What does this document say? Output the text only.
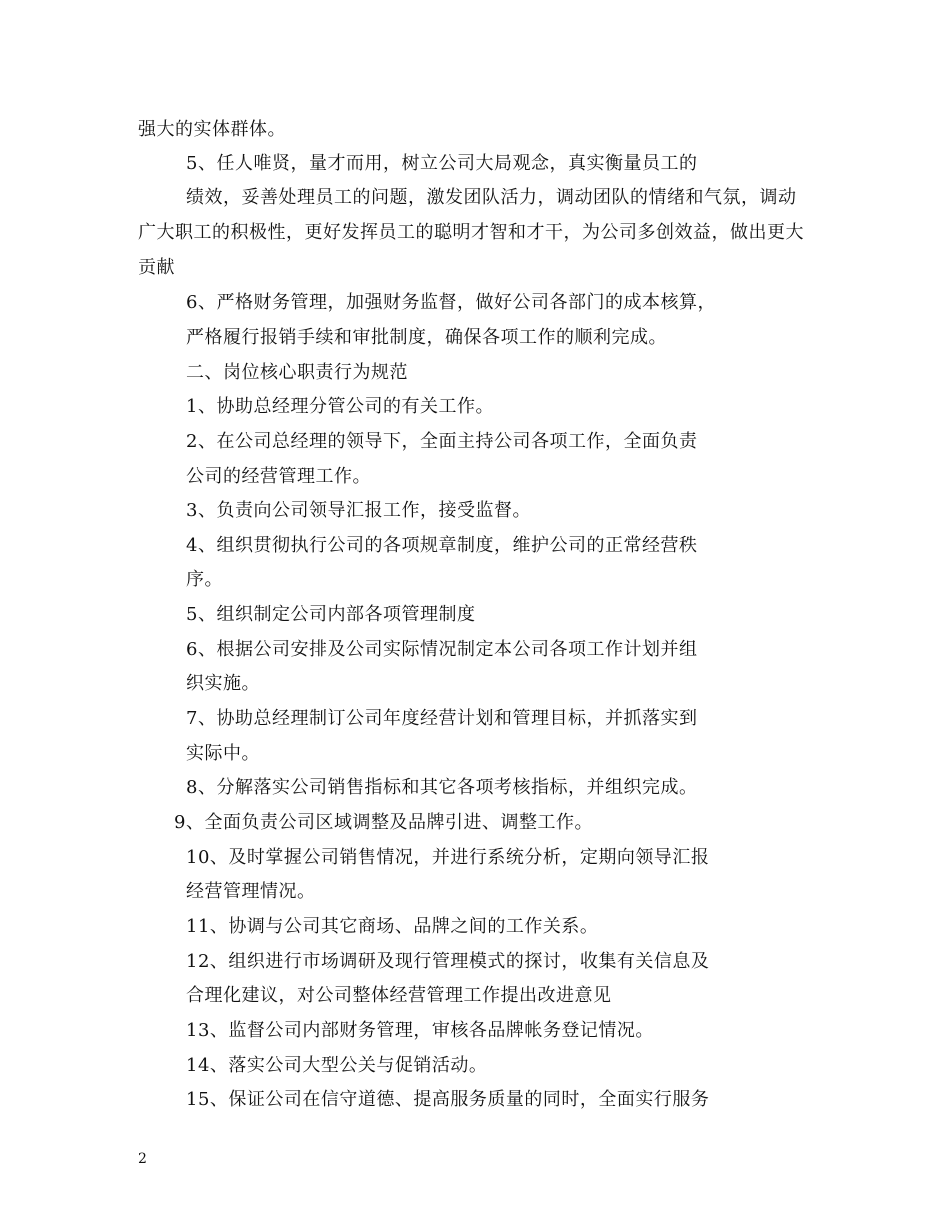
强大的实体群体。
5、任人唯贤，量才而用，树立公司大局观念，真实衡量员工的
绩效，妥善处理员工的问题，激发团队活力，调动团队的情绪和气氛，调动
广大职工的积极性，更好发挥员工的聪明才智和才干，为公司多创效益，做出更大
贡献
6、严格财务管理，加强财务监督，做好公司各部门的成本核算，
严格履行报销手续和审批制度，确保各项工作的顺利完成。
二、岗位核心职责行为规范
1、协助总经理分管公司的有关工作。
2、在公司总经理的领导下，全面主持公司各项工作，全面负责
公司的经营管理工作。
3、负责向公司领导汇报工作，接受监督。
4、组织贯彻执行公司的各项规章制度，维护公司的正常经营秩
序。
5、组织制定公司内部各项管理制度
6、根据公司安排及公司实际情况制定本公司各项工作计划并组
织实施。
7、协助总经理制订公司年度经营计划和管理目标，并抓落实到
实际中。
8、分解落实公司销售指标和其它各项考核指标，并组织完成。
9、全面负责公司区域调整及品牌引进、调整工作。
10、及时掌握公司销售情况，并进行系统分析，定期向领导汇报
经营管理情况。
11、协调与公司其它商场、品牌之间的工作关系。
12、组织进行市场调研及现行管理模式的探讨，收集有关信息及
合理化建议，对公司整体经营管理工作提出改进意见
13、监督公司内部财务管理，审核各品牌帐务登记情况。
14、落实公司大型公关与促销活动。
15、保证公司在信守道德、提高服务质量的同时，全面实行服务
2
